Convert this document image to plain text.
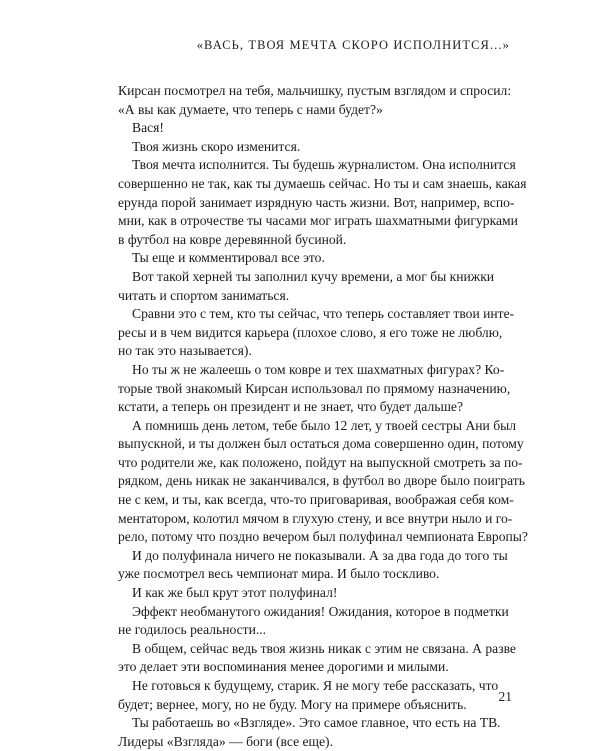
«ВАСЬ, ТВОЯ МЕЧТА СКОРО ИСПОЛНИТСЯ...»
Кирсан посмотрел на тебя, мальчишку, пустым взглядом и спросил:
«А вы как думаете, что теперь с нами будет?»
Вася!
Твоя жизнь скоро изменится.
Твоя мечта исполнится. Ты будешь журналистом. Она исполнится
совершенно не так, как ты думаешь сейчас. Но ты и сам знаешь, какая
ерунда порой занимает изрядную часть жизни. Вот, например, вспо-
мни, как в отрочестве ты часами мог играть шахматными фигурками
в футбол на ковре деревянной бусиной.
Ты еще и комментировал все это.
Вот такой херней ты заполнил кучу времени, а мог бы книжки
читать и спортом заниматься.
Сравни это с тем, кто ты сейчас, что теперь составляет твои инте-
ресы и в чем видится карьера (плохое слово, я его тоже не люблю,
но так это называется).
Но ты ж не жалеешь о том ковре и тех шахматных фигурах? Ко-
торые твой знакомый Кирсан использовал по прямому назначению,
кстати, а теперь он президент и не знает, что будет дальше?
А помнишь день летом, тебе было 12 лет, у твоей сестры Ани был
выпускной, и ты должен был остаться дома совершенно один, потому
что родители же, как положено, пойдут на выпускной смотреть за по-
рядком, день никак не заканчивался, в футбол во дворе было поиграть
не с кем, и ты, как всегда, что-то приговаривая, воображая себя ком-
ментатором, колотил мячом в глухую стену, и все внутри ныло и го-
рело, потому что поздно вечером был полуфинал чемпионата Европы?
И до полуфинала ничего не показывали. А за два года до того ты
уже посмотрел весь чемпионат мира. И было тоскливо.
И как же был крут этот полуфинал!
Эффект необманутого ожидания! Ожидания, которое в подметки
не годилось реальности...
В общем, сейчас ведь твоя жизнь никак с этим не связана. А разве
это делает эти воспоминания менее дорогими и милыми.
Не готовься к будущему, старик. Я не могу тебе рассказать, что
будет; вернее, могу, но не буду. Могу на примере объяснить.
Ты работаешь во «Взгляде». Это самое главное, что есть на ТВ.
Лидеры «Взгляда» — боги (все еще).
21
